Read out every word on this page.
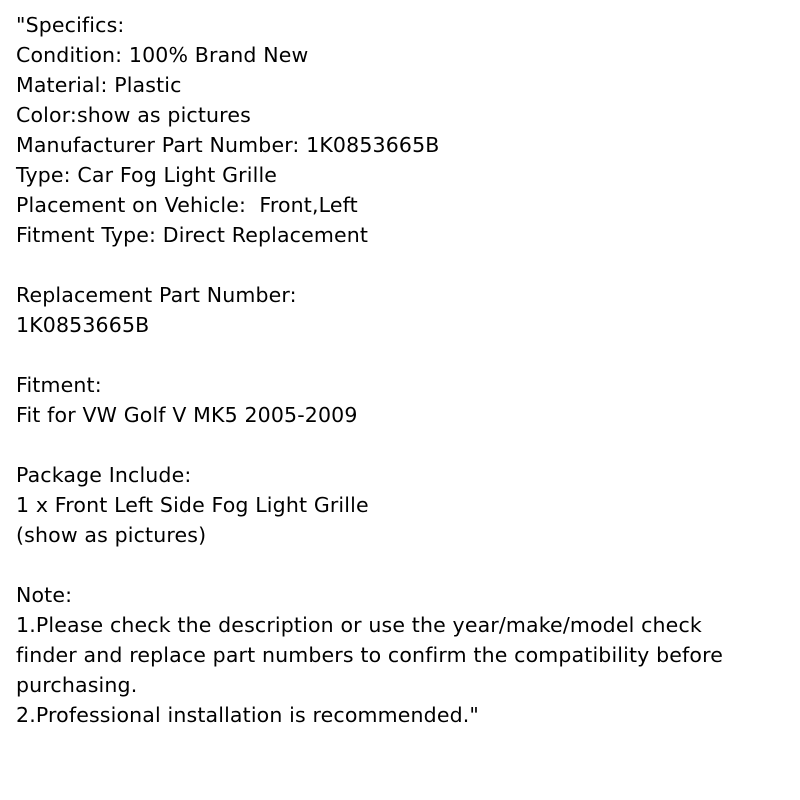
"Specifics:
Condition: 100% Brand New
Material: Plastic
Color:show as pictures
Manufacturer Part Number: 1K0853665B
Type: Car Fog Light Grille
Placement on Vehicle:  Front,Left
Fitment Type: Direct Replacement
Replacement Part Number:
1K0853665B
Fitment:
Fit for VW Golf V MK5 2005-2009
Package Include:
1 x Front Left Side Fog Light Grille
(show as pictures)
Note:
1.Please check the description or use the year/make/model check
finder and replace part numbers to confirm the compatibility before
purchasing.
2.Professional installation is recommended."
